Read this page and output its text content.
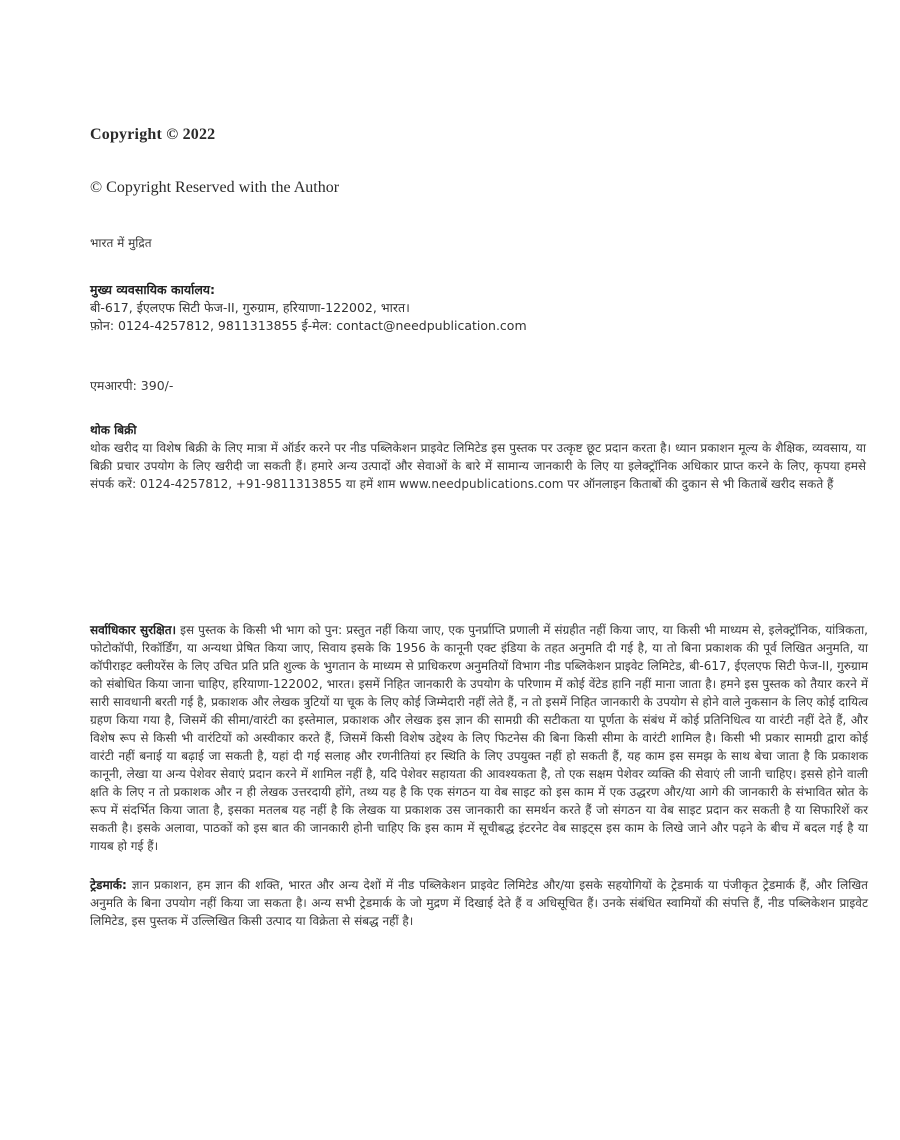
Copyright © 2022
© Copyright Reserved with the Author
भारत में मुद्रित
मुख्य व्यवसायिक कार्यालय:
बी-617, ईएलएफ सिटी फेज-II, गुरुग्राम, हरियाणा-122002, भारत।
फ़ोन: 0124-4257812, 9811313855 ई-मेल: contact@needpublication.com
एमआरपी: 390/-
थोक बिक्री
थोक खरीद या विशेष बिक्री के लिए मात्रा में ऑर्डर करने पर नीड पब्लिकेशन प्राइवेट लिमिटेड इस पुस्तक पर उत्कृष्ट छूट प्रदान करता है। ध्यान प्रकाशन मूल्य के शैक्षिक, व्यवसाय, या बिक्री प्रचार उपयोग के लिए खरीदी जा सकती हैं। हमारे अन्य उत्पादों और सेवाओं के बारे में सामान्य जानकारी के लिए या इलेक्ट्रॉनिक अधिकार प्राप्त करने के लिए, कृपया हमसे संपर्क करें: 0124-4257812, +91-9811313855 या हमें शाम www.needpublications.com पर ऑनलाइन किताबों की दुकान से भी किताबें खरीद सकते हैं
सर्वाधिकार सुरक्षित। इस पुस्तक के किसी भी भाग को पुन: प्रस्तुत नहीं किया जाए, एक पुनर्प्राप्ति प्रणाली में संग्रहीत नहीं किया जाए, या किसी भी माध्यम से, इलेक्ट्रॉनिक, यांत्रिकता, फोटोकॉपी, रिकॉर्डिंग, या अन्यथा प्रेषित किया जाए, सिवाय इसके कि 1956 के कानूनी एक्ट इंडिया के तहत अनुमति दी गई है, या तो बिना प्रकाशक की पूर्व लिखित अनुमति, या कॉपीराइट क्लीयरेंस के लिए उचित प्रति प्रति शुल्क के भुगतान के माध्यम से प्राधिकरण अनुमतियों विभाग नीड पब्लिकेशन प्राइवेट लिमिटेड, बी-617, ईएलएफ सिटी फेज-II, गुरुग्राम को संबोधित किया जाना चाहिए, हरियाणा-122002, भारत। इसमें निहित जानकारी के उपयोग के परिणाम में कोई वेंटेड हानि नहीं माना जाता है। हमने इस पुस्तक को तैयार करने में सारी सावधानी बरती गई है, प्रकाशक और लेखक त्रुटियों या चूक के लिए कोई जिम्मेदारी नहीं लेते हैं, न तो इसमें निहित जानकारी के उपयोग से होने वाले नुकसान के लिए कोई दायित्व ग्रहण किया गया है, जिसमें की सीमा/वारंटी का इस्तेमाल, प्रकाशक और लेखक इस ज्ञान की सामग्री की सटीकता या पूर्णता के संबंध में कोई प्रतिनिधित्व या वारंटी नहीं देते हैं, और विशेष रूप से किसी भी वारंटियों को अस्वीकार करते हैं, जिसमें किसी विशेष उद्देश्य के लिए फिटनेस की बिना किसी सीमा के वारंटी शामिल है। किसी भी प्रकार सामग्री द्वारा कोई वारंटी नहीं बनाई या बढ़ाई जा सकती है, यहां दी गई सलाह और रणनीतियां हर स्थिति के लिए उपयुक्त नहीं हो सकती हैं, यह काम इस समझ के साथ बेचा जाता है कि प्रकाशक कानूनी, लेखा या अन्य पेशेवर सेवाएं प्रदान करने में शामिल नहीं है, यदि पेशेवर सहायता की आवश्यकता है, तो एक सक्षम पेशेवर व्यक्ति की सेवाएं ली जानी चाहिए। इससे होने वाली क्षति के लिए न तो प्रकाशक और न ही लेखक उत्तरदायी होंगे, तथ्य यह है कि एक संगठन या वेब साइट को इस काम में एक उद्धरण और/या आगे की जानकारी के संभावित स्रोत के रूप में संदर्भित किया जाता है, इसका मतलब यह नहीं है कि लेखक या प्रकाशक उस जानकारी का समर्थन करते हैं जो संगठन या वेब साइट प्रदान कर सकती है या सिफारिशें कर सकती है। इसके अलावा, पाठकों को इस बात की जानकारी होनी चाहिए कि इस काम में सूचीबद्ध इंटरनेट वेब साइट्स इस काम के लिखे जाने और पढ़ने के बीच में बदल गई है या गायब हो गई हैं।
ट्रेडमार्क: ज्ञान प्रकाशन, हम ज्ञान की शक्ति, भारत और अन्य देशों में नीड पब्लिकेशन प्राइवेट लिमिटेड और/या इसके सहयोगियों के ट्रेडमार्क या पंजीकृत ट्रेडमार्क हैं, और लिखित अनुमति के बिना उपयोग नहीं किया जा सकता है। अन्य सभी ट्रेडमार्क के जो मुद्रण में दिखाई देते हैं व अधिसूचित हैं। उनके संबंधित स्वामियों की संपत्ति हैं, नीड पब्लिकेशन प्राइवेट लिमिटेड, इस पुस्तक में उल्लिखित किसी उत्पाद या विक्रेता से संबद्ध नहीं है।
